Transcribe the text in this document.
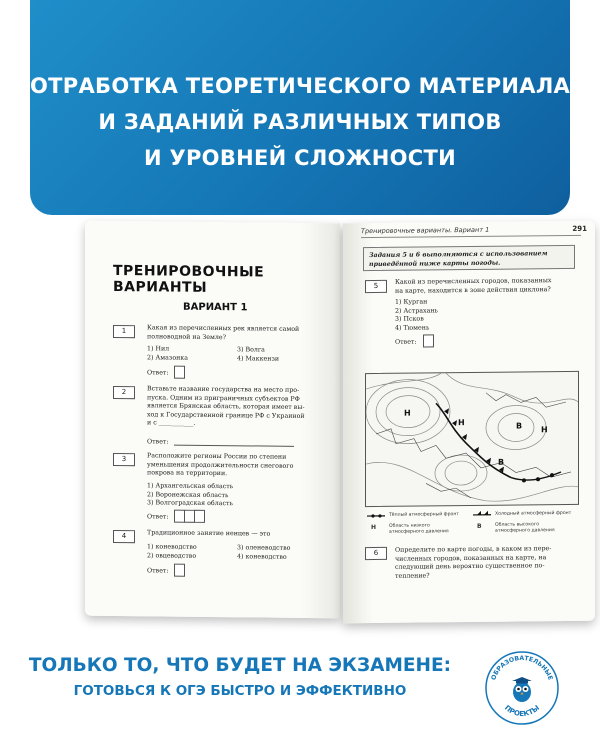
ОТРАБОТКА ТЕОРЕТИЧЕСКОГО МАТЕРИАЛА
И ЗАДАНИЙ РАЗЛИЧНЫХ ТИПОВ
И УРОВНЕЙ СЛОЖНОСТИ
ТРЕНИРОВОЧНЫЕ
ВАРИАНТЫ
ВАРИАНТ 1
1	Какая из перечисленных рек является самой
полноводной на Земле?
1) Нил
2) Амазонка
3) Волга
4) Маккензи
Ответ:
2	Вставьте название государства на место про-
пуска. Одним из приграничных субъектов РФ
является Брянская область, которая имеет вы-
ход к Государственной границе РФ с Украиной
и с ___________.
Ответ:
3	Расположите регионы России по степени
уменьшения продолжительности снегового
покрова на территории.
1) Архангельская область
2) Воронежская область
3) Волгоградская область
Ответ:
4	Традиционное занятие ненцев — это
1) коневодство
2) овцеводство
3) оленеводство
4) коневодство
Ответ:
Тренировочные варианты. Вариант 1	291
Задания 5 и 6 выполняются с использованием
приведённой ниже карты погоды.
5
Какой из перечисленных городов, показанных
на карте, находится в зоне действия циклона?
1) Курган
2) Астрахань
3) Псков
4) Тюмень
Ответ:
Н
Н
Н
В
В
Тёплый атмосферный фронт	Холодный атмосферный фронт
Н	Область низкого
атмосферного давления
В	Область высокого
атмосферного давления
6	Определите по карте погоды, в каком из пере-
численных городов, показанных на карте, на
следующий день вероятно существенное по-
тепление?
ТОЛЬКО ТО, ЧТО БУДЕТ НА ЭКЗАМЕНЕ:
ГОТОВЬСЯ К ОГЭ БЫСТРО И ЭФФЕКТИВНО
ОБРАЗОВАТЕЛЬНЫЕ
ПРОЕКТЫ
